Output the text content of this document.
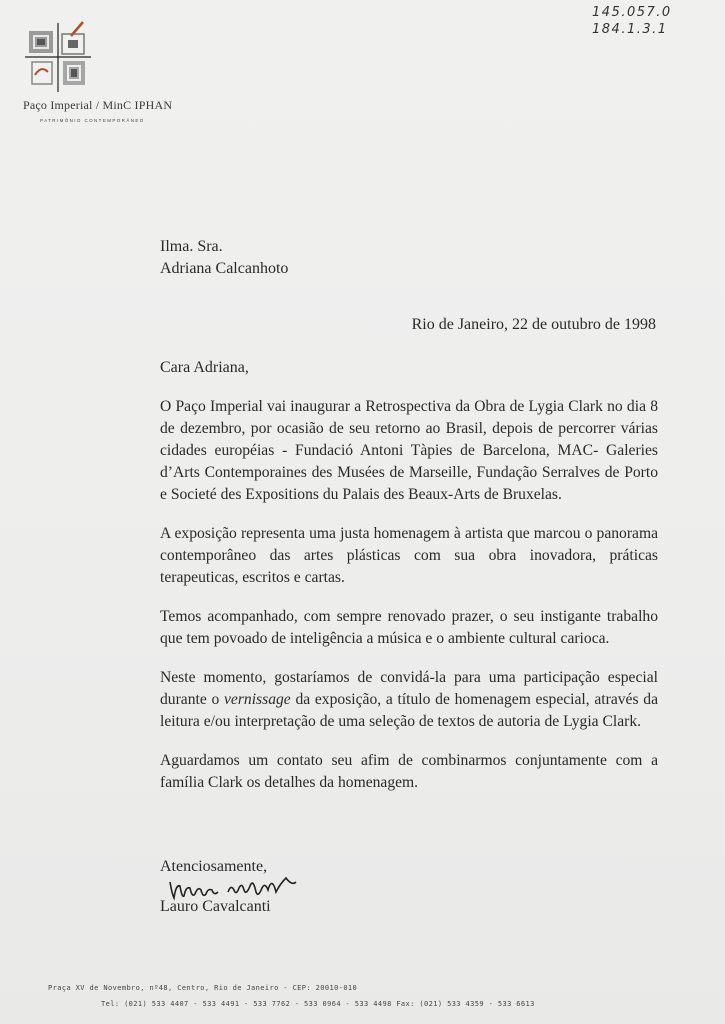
Paço Imperial / MinC IPHAN
PATRIMÔNIO CONTEMPORÂNEO
145.057.0
184.1.3.1
Ilma. Sra.
Adriana Calcanhoto
Rio de Janeiro, 22 de outubro de 1998
Cara Adriana,

O Paço Imperial vai inaugurar a Retrospectiva da Obra de Lygia Clark no dia 8 de dezembro, por ocasião de seu retorno ao Brasil, depois de percorrer várias cidades européias - Fundació Antoni Tàpies de Barcelona, MAC- Galeries d’Arts Contemporaines des Musées de Marseille, Fundação Serralves de Porto e Societé des Expositions du Palais des Beaux-Arts de Bruxelas.

A exposição representa uma justa homenagem à artista que marcou o panorama contemporâneo das artes plásticas com sua obra inovadora, práticas terapeuticas, escritos e cartas.

Temos acompanhado, com sempre renovado prazer, o seu instigante trabalho que tem povoado de inteligência a música e o ambiente cultural carioca.

Neste momento, gostaríamos de convidá-la para uma participação especial durante o vernissage da exposição, a título de homenagem especial, através da leitura e/ou interpretação de uma seleção de textos de autoria de Lygia Clark.

Aguardamos um contato seu afim de combinarmos conjuntamente com a família Clark os detalhes da homenagem.

Atenciosamente,
Lauro Cavalcanti
Praça XV de Novembro, nº48, Centro, Rio de Janeiro - CEP: 20010-010
Tel: (021) 533 4407 - 533 4491 - 533 7762 - 533 0964 - 533 4498 Fax: (021) 533 4359 - 533 6613
